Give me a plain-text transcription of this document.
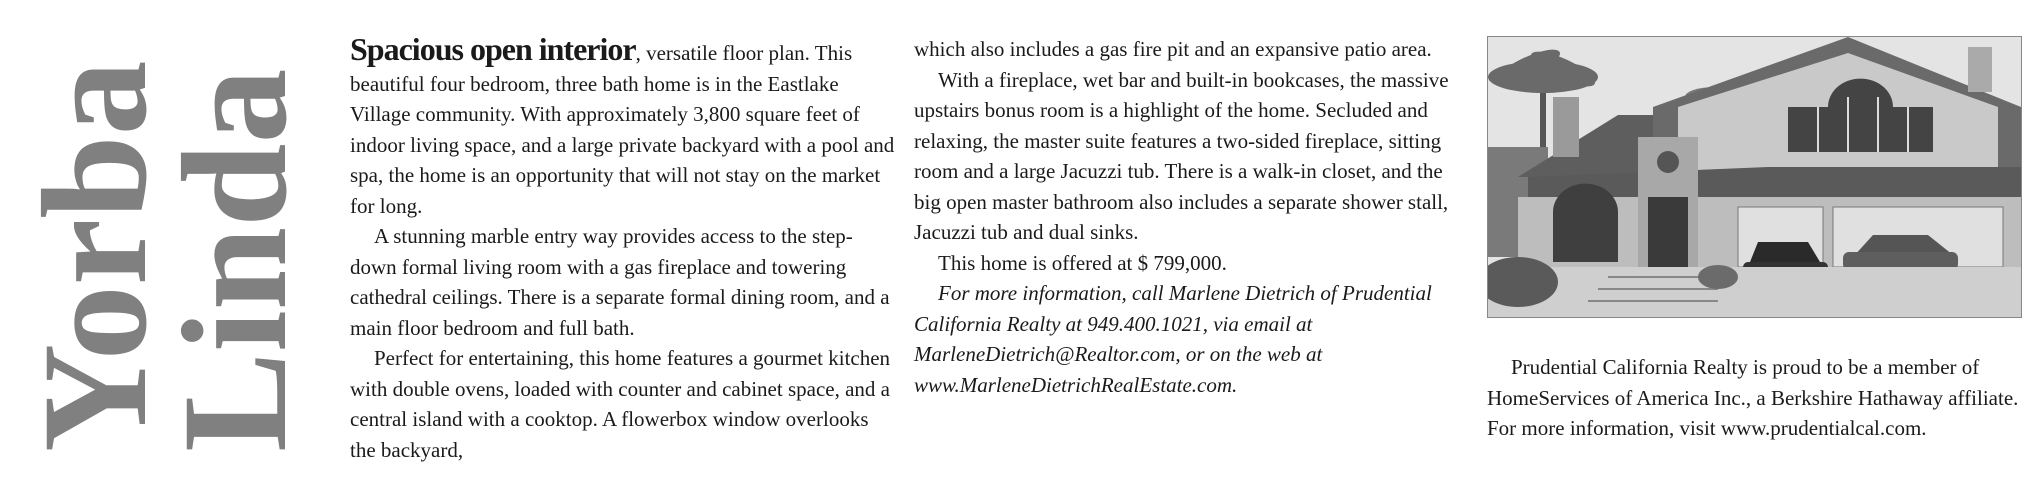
Yorba
Linda

Spacious open interior, versatile floor plan. This beautiful four bedroom, three bath home is in the Eastlake Village community. With approximately 3,800 square feet of indoor living space, and a large private backyard with a pool and spa, the home is an opportunity that will not stay on the market for long.

A stunning marble entry way provides access to the step-down formal living room with a gas fireplace and towering cathedral ceilings. There is a separate formal dining room, and a main floor bedroom and full bath.

Perfect for entertaining, this home features a gourmet kitchen with double ovens, loaded with counter and cabinet space, and a central island with a cooktop. A flowerbox window overlooks the backyard,

which also includes a gas fire pit and an expansive patio area.

With a fireplace, wet bar and built-in bookcases, the massive upstairs bonus room is a highlight of the home. Secluded and relaxing, the master suite features a two-sided fireplace, sitting room and a large Jacuzzi tub. There is a walk-in closet, and the big open master bathroom also includes a separate shower stall, Jacuzzi tub and dual sinks.

This home is offered at $ 799,000.

For more information, call Marlene Dietrich of Prudential California Realty at 949.400.1021, via email at MarleneDietrich@Realtor.com, or on the web at www.MarleneDietrichRealEstate.com.

Prudential California Realty is proud to be a member of HomeServices of America Inc., a Berkshire Hathaway affiliate. For more information, visit www.prudentialcal.com.
